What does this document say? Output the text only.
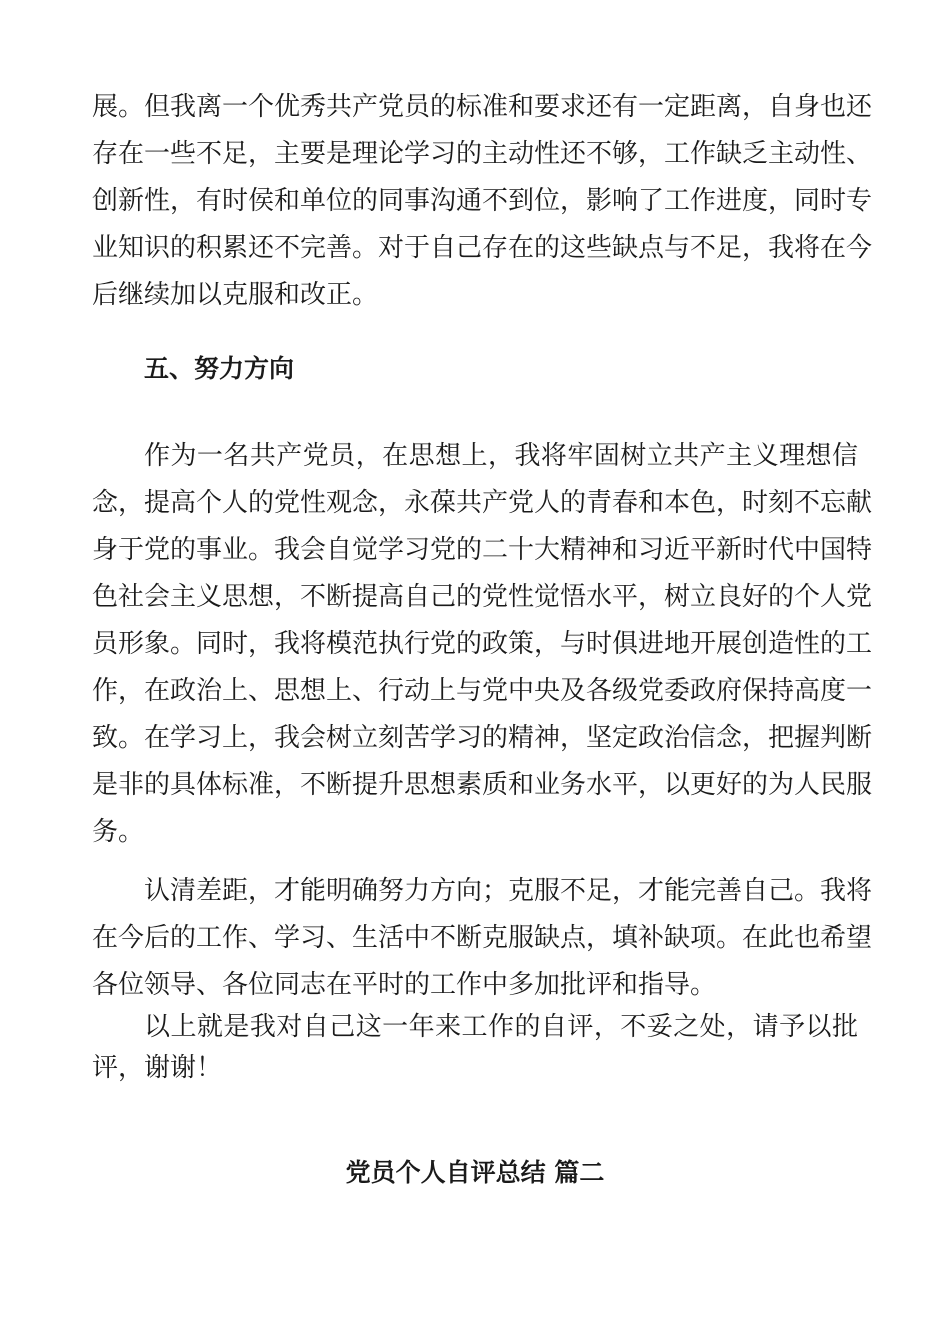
展。但我离一个优秀共产党员的标准和要求还有一定距离，自身也还
存在一些不足，主要是理论学习的主动性还不够，工作缺乏主动性、
创新性，有时侯和单位的同事沟通不到位，影响了工作进度，同时专
业知识的积累还不完善。对于自己存在的这些缺点与不足，我将在今
后继续加以克服和改正。
五、努力方向
作为一名共产党员，在思想上，我将牢固树立共产主义理想信
念，提高个人的党性观念，永葆共产党人的青春和本色，时刻不忘献
身于党的事业。我会自觉学习党的二十大精神和习近平新时代中国特
色社会主义思想，不断提高自己的党性觉悟水平，树立良好的个人党
员形象。同时，我将模范执行党的政策，与时俱进地开展创造性的工
作，在政治上、思想上、行动上与党中央及各级党委政府保持高度一
致。在学习上，我会树立刻苦学习的精神，坚定政治信念，把握判断
是非的具体标准，不断提升思想素质和业务水平，以更好的为人民服
务。
认清差距，才能明确努力方向；克服不足，才能完善自己。我将
在今后的工作、学习、生活中不断克服缺点，填补缺项。在此也希望
各位领导、各位同志在平时的工作中多加批评和指导。
以上就是我对自己这一年来工作的自评，不妥之处，请予以批
评，谢谢！
党员个人自评总结 篇二
